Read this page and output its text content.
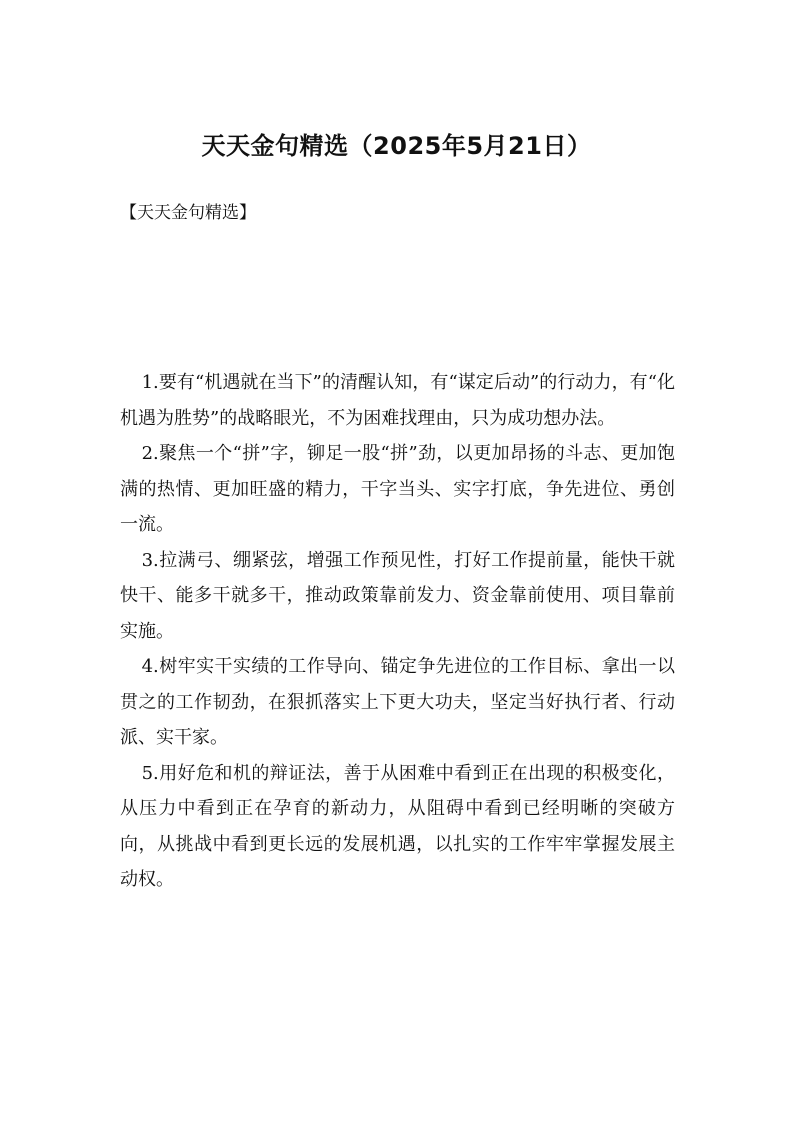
天天金句精选（2025年5月21日）

【天天金句精选】

1.要有“机遇就在当下”的清醒认知，有“谋定后动”的行动力，有“化机遇为胜势”的战略眼光，不为困难找理由，只为成功想办法。

2.聚焦一个“拼”字，铆足一股“拼”劲，以更加昂扬的斗志、更加饱满的热情、更加旺盛的精力，干字当头、实字打底，争先进位、勇创一流。

3.拉满弓、绷紧弦，增强工作预见性，打好工作提前量，能快干就快干、能多干就多干，推动政策靠前发力、资金靠前使用、项目靠前实施。

4.树牢实干实绩的工作导向、锚定争先进位的工作目标、拿出一以贯之的工作韧劲，在狠抓落实上下更大功夫，坚定当好执行者、行动派、实干家。

5.用好危和机的辩证法，善于从困难中看到正在出现的积极变化，从压力中看到正在孕育的新动力，从阻碍中看到已经明晰的突破方向，从挑战中看到更长远的发展机遇，以扎实的工作牢牢掌握发展主动权。
